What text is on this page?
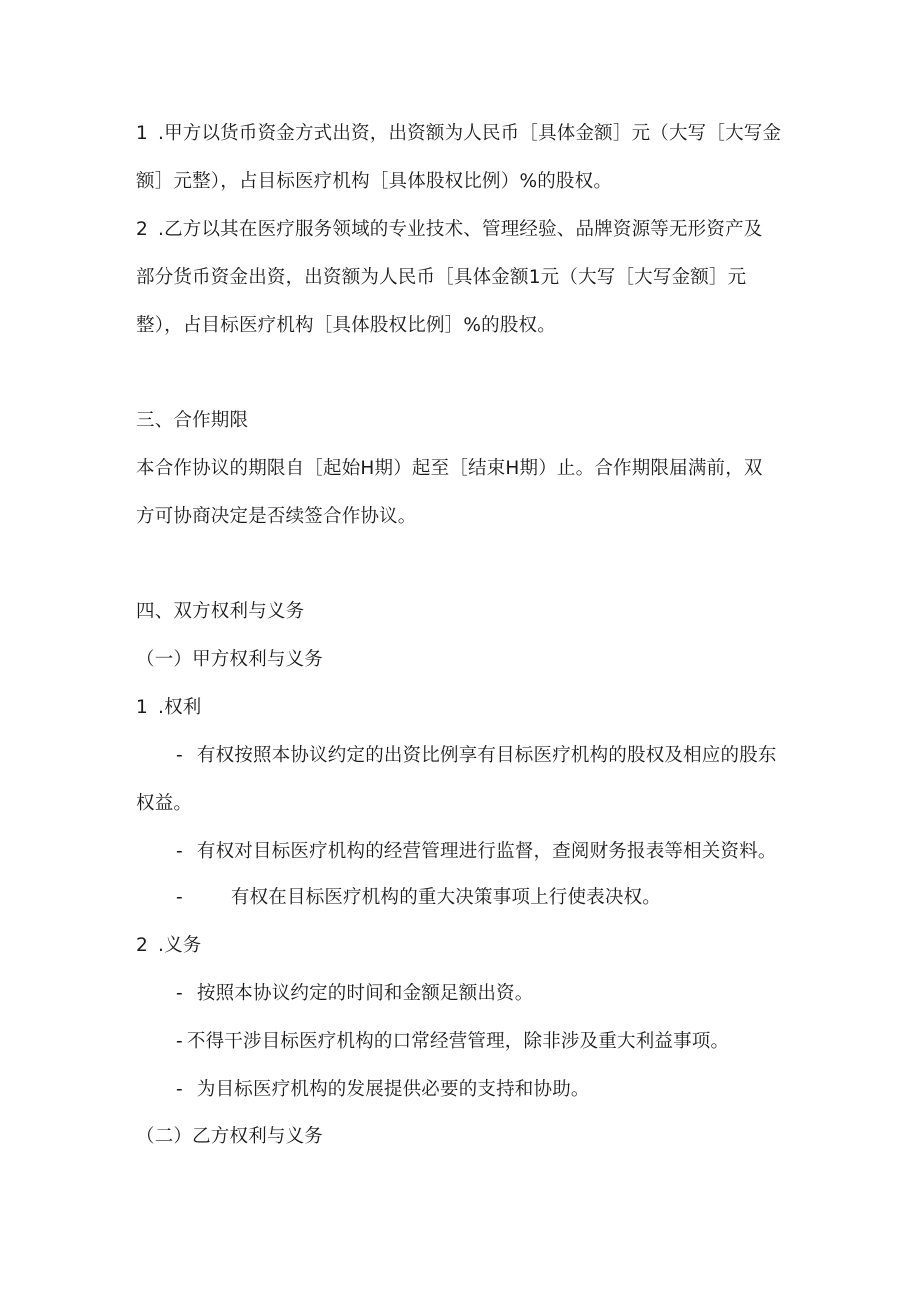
1 .甲方以货币资金方式出资，出资额为人民币［具体金额］元（大写［大写金
额］元整），占目标医疗机构［具体股权比例）%的股权。
2 .乙方以其在医疗服务领域的专业技术、管理经验、品牌资源等无形资产及
部分货币资金出资，出资额为人民币［具体金额1元（大写［大写金额］元
整），占目标医疗机构［具体股权比例］%的股权。
三、合作期限
本合作协议的期限自［起始H期）起至［结束H期）止。合作期限届满前，双
方可协商决定是否续签合作协议。
四、双方权利与义务
（一）甲方权利与义务
1 .权利
- 有权按照本协议约定的出资比例享有目标医疗机构的股权及相应的股东
权益。
- 有权对目标医疗机构的经营管理进行监督，查阅财务报表等相关资料。
-	有权在目标医疗机构的重大决策事项上行使表决权。
2 .义务
- 按照本协议约定的时间和金额足额出资。
- 不得干涉目标医疗机构的口常经营管理，除非涉及重大利益事项。
- 为目标医疗机构的发展提供必要的支持和协助。
（二）乙方权利与义务
